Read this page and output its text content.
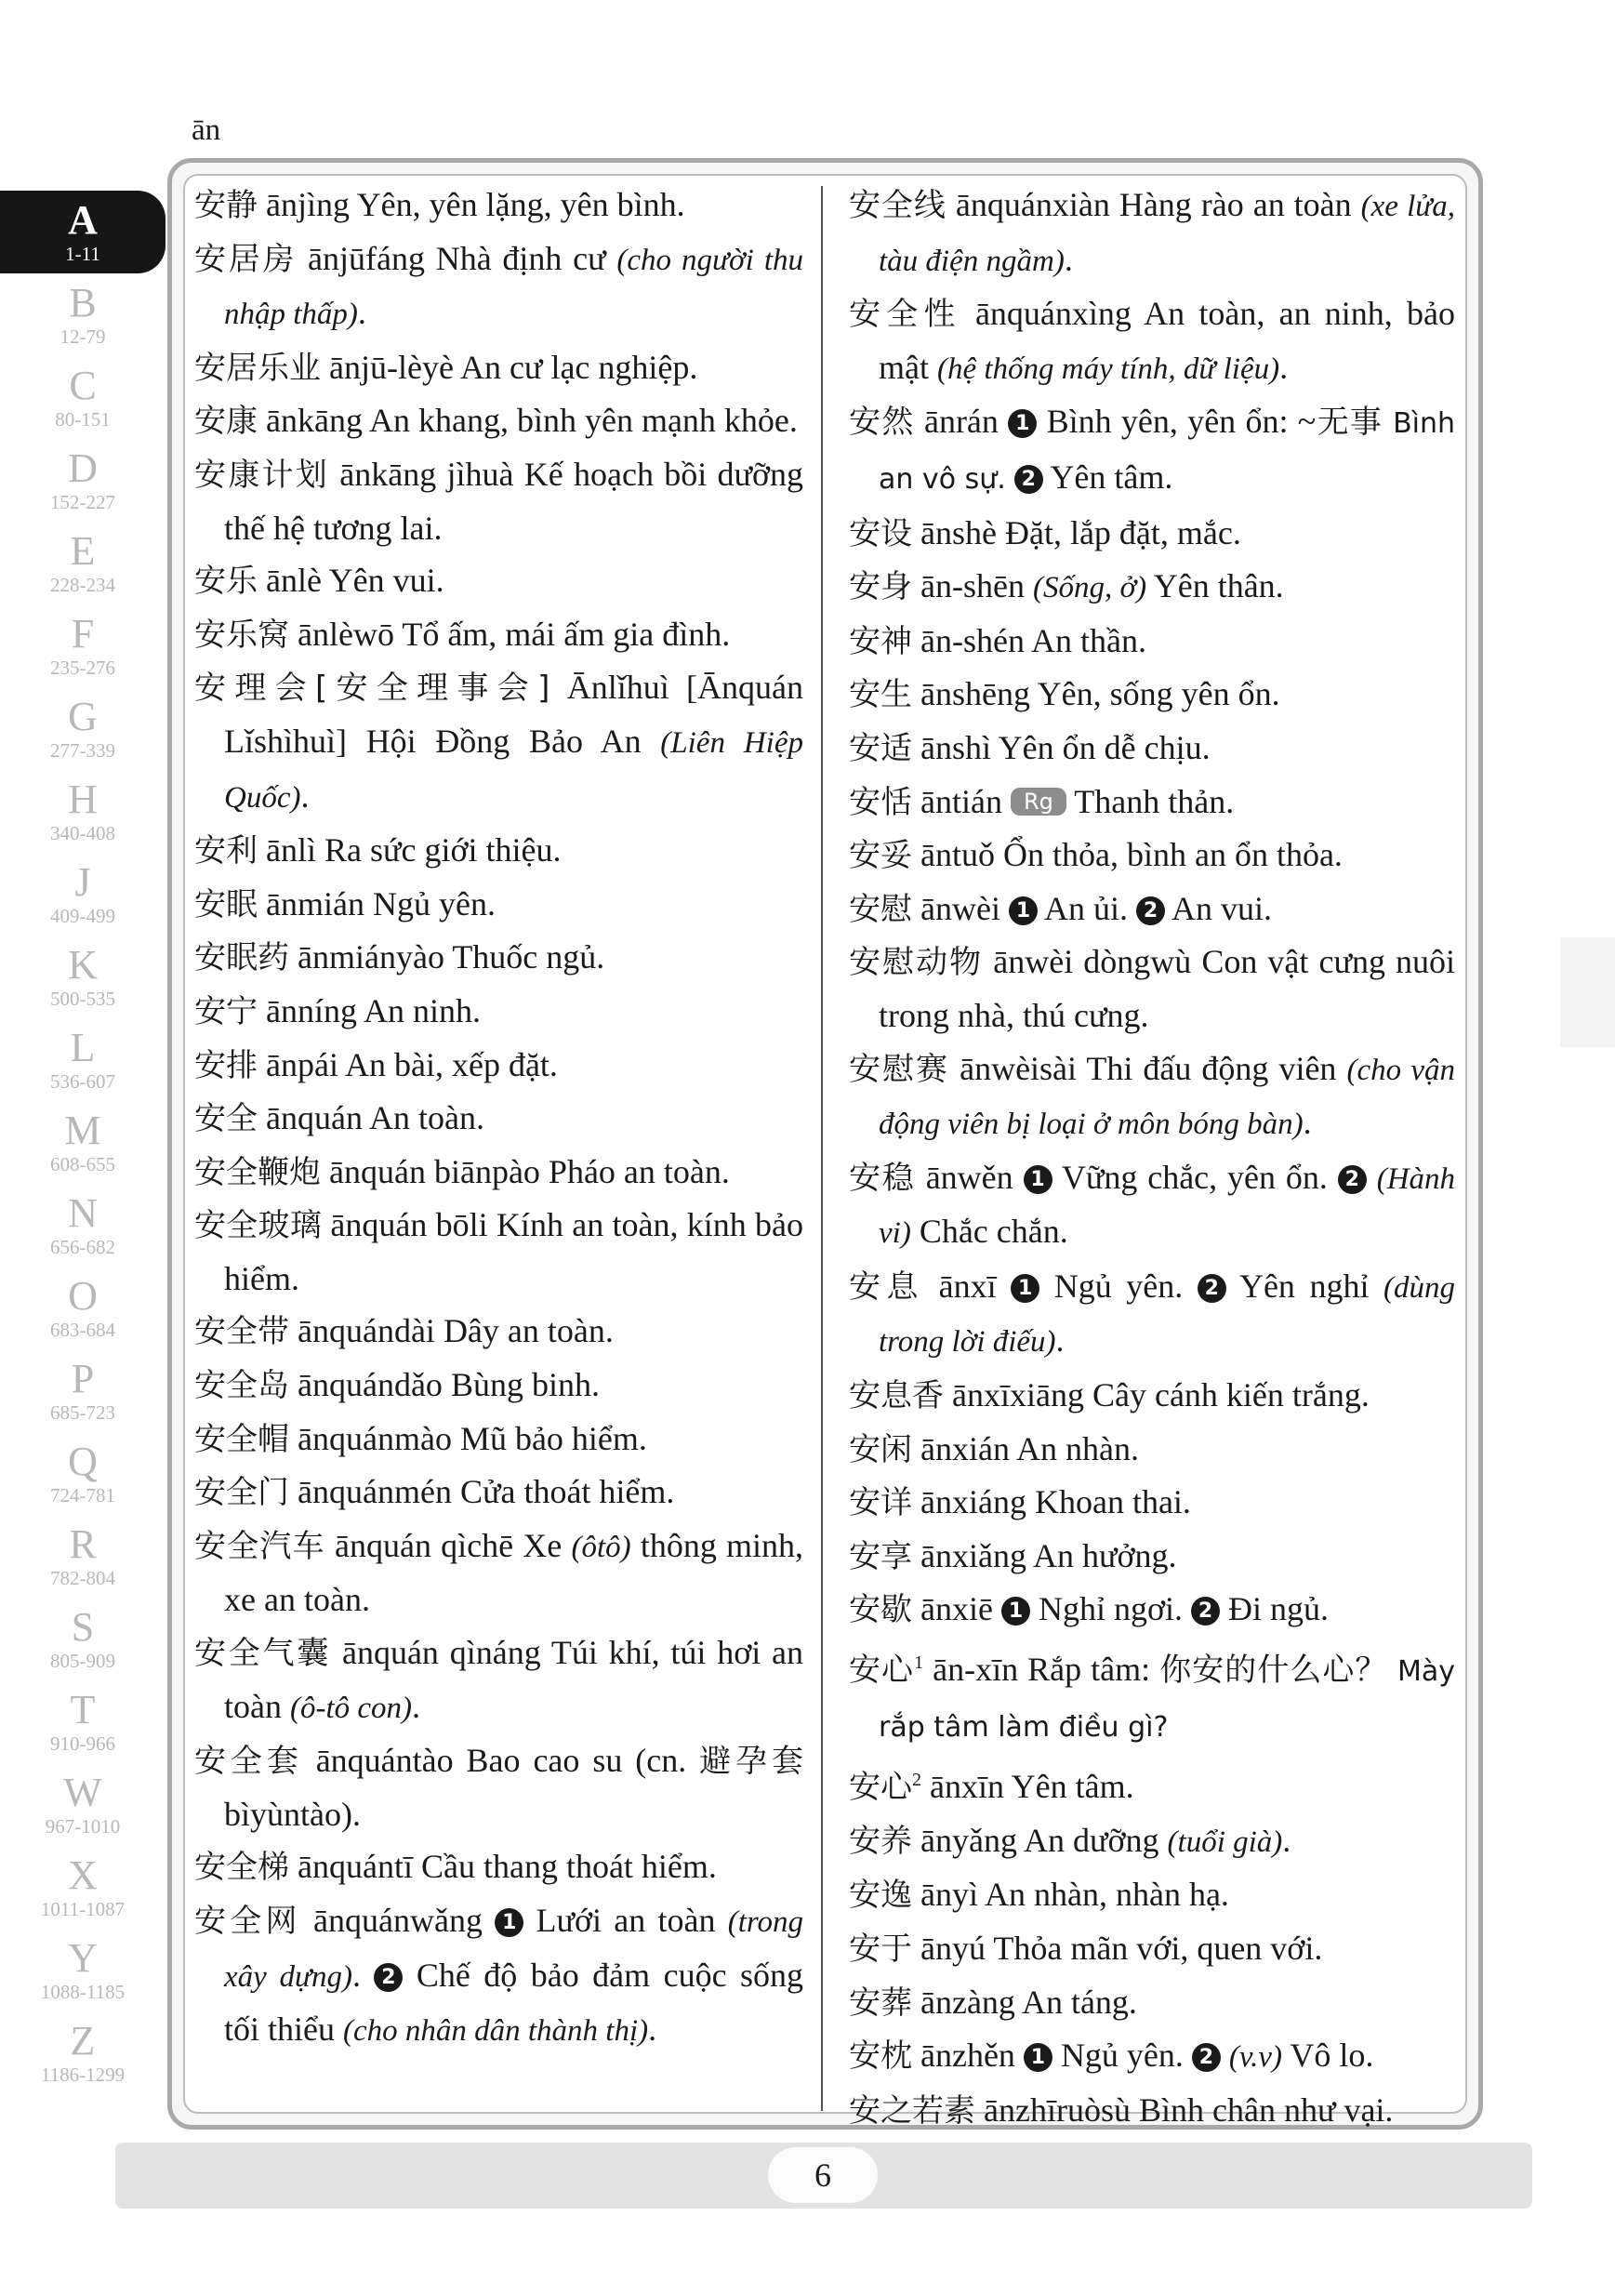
ān
A
1-11
B
12-79
C
80-151
D
152-227
E
228-234
F
235-276
G
277-339
H
340-408
J
409-499
K
500-535
L
536-607
M
608-655
N
656-682
O
683-684
P
685-723
Q
724-781
R
782-804
S
805-909
T
910-966
W
967-1010
X
1011-1087
Y
1088-1185
Z
1186-1299
安静 ānjìng Yên, yên lặng, yên bình.
安居房 ānjūfáng Nhà định cư (cho người thu nhập thấp).
安居乐业 ānjū-lèyè An cư lạc nghiệp.
安康 ānkāng An khang, bình yên mạnh khỏe.
安康计划 ānkāng jìhuà Kế hoạch bồi dưỡng thế hệ tương lai.
安乐 ānlè Yên vui.
安乐窝 ānlèwō Tổ ấm, mái ấm gia đình.
安理会[安全理事会] Ānlǐhuì [Ānquán Lǐshìhuì] Hội Đồng Bảo An (Liên Hiệp Quốc).
安利 ānlì Ra sức giới thiệu.
安眠 ānmián Ngủ yên.
安眠药 ānmiányào Thuốc ngủ.
安宁 ānníng An ninh.
安排 ānpái An bài, xếp đặt.
安全 ānquán An toàn.
安全鞭炮 ānquán biānpào Pháo an toàn.
安全玻璃 ānquán bōli Kính an toàn, kính bảo hiểm.
安全带 ānquándài Dây an toàn.
安全岛 ānquándǎo Bùng binh.
安全帽 ānquánmào Mũ bảo hiểm.
安全门 ānquánmén Cửa thoát hiểm.
安全汽车 ānquán qìchē Xe (ôtô) thông minh, xe an toàn.
安全气囊 ānquán qìnáng Túi khí, túi hơi an toàn (ô-tô con).
安全套 ānquántào Bao cao su (cn. 避孕套 bìyùntào).
安全梯 ānquántī Cầu thang thoát hiểm.
安全网 ānquánwǎng 1 Lưới an toàn (trong xây dựng). 2 Chế độ bảo đảm cuộc sống tối thiểu (cho nhân dân thành thị).
安全线 ānquánxiàn Hàng rào an toàn (xe lửa, tàu điện ngầm).
安全性 ānquánxìng An toàn, an ninh, bảo mật (hệ thống máy tính, dữ liệu).
安然 ānrán 1 Bình yên, yên ổn: ~无事 Bình an vô sự. 2 Yên tâm.
安设 ānshè Đặt, lắp đặt, mắc.
安身 ān-shēn (Sống, ở) Yên thân.
安神 ān-shén An thần.
安生 ānshēng Yên, sống yên ổn.
安适 ānshì Yên ổn dễ chịu.
安恬 āntián Rg Thanh thản.
安妥 āntuǒ Ổn thỏa, bình an ổn thỏa.
安慰 ānwèi 1 An ủi. 2 An vui.
安慰动物 ānwèi dòngwù Con vật cưng nuôi trong nhà, thú cưng.
安慰赛 ānwèisài Thi đấu động viên (cho vận động viên bị loại ở môn bóng bàn).
安稳 ānwěn 1 Vững chắc, yên ổn. 2 (Hành vi) Chắc chắn.
安息 ānxī 1 Ngủ yên. 2 Yên nghỉ (dùng trong lời điếu).
安息香 ānxīxiāng Cây cánh kiến trắng.
安闲 ānxián An nhàn.
安详 ānxiáng Khoan thai.
安享 ānxiǎng An hưởng.
安歇 ānxiē 1 Nghỉ ngơi. 2 Đi ngủ.
安心$^1$ ān-xīn Rắp tâm: 你安的什么心？ Mày rắp tâm làm điều gì?
安心$^2$ ānxīn Yên tâm.
安养 ānyǎng An dưỡng (tuổi già).
安逸 ānyì An nhàn, nhàn hạ.
安于 ānyú Thỏa mãn với, quen với.
安葬 ānzàng An táng.
安枕 ānzhěn 1 Ngủ yên. 2 (v.v) Vô lo.
安之若素 ānzhīruòsù Bình chân như vại.
6
